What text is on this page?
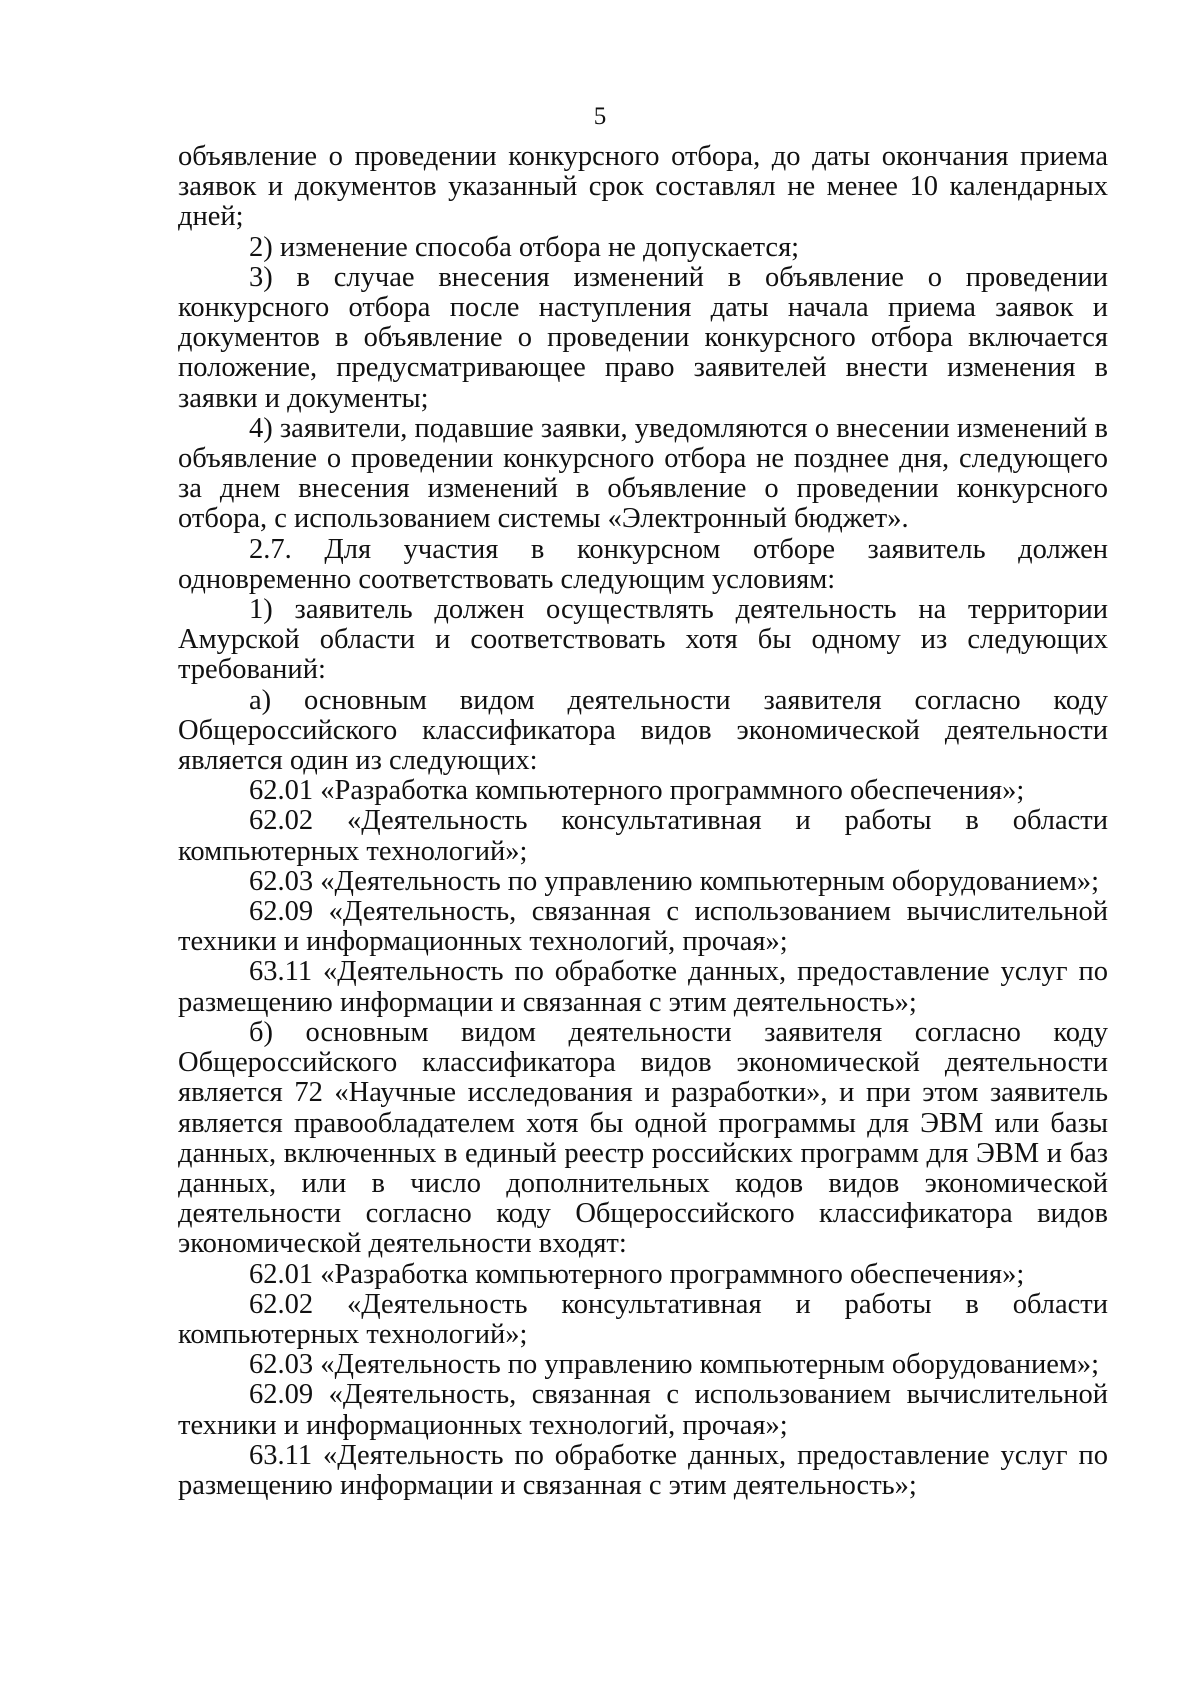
5

объявление о проведении конкурсного отбора, до даты окончания приема заявок и документов указанный срок составлял не менее 10 календарных дней;

2) изменение способа отбора не допускается;

3) в случае внесения изменений в объявление о проведении конкурсного отбора после наступления даты начала приема заявок и документов в объявление о проведении конкурсного отбора включается положение, предусматривающее право заявителей внести изменения в заявки и документы;

4) заявители, подавшие заявки, уведомляются о внесении изменений в объявление о проведении конкурсного отбора не позднее дня, следующего за днем внесения изменений в объявление о проведении конкурсного отбора, с использованием системы «Электронный бюджет».

2.7. Для участия в конкурсном отборе заявитель должен одновременно соответствовать следующим условиям:

1) заявитель должен осуществлять деятельность на территории Амурской области и соответствовать хотя бы одному из следующих требований:

а) основным видом деятельности заявителя согласно коду Общероссийского классификатора видов экономической деятельности является один из следующих:

62.01 «Разработка компьютерного программного обеспечения»;

62.02 «Деятельность консультативная и работы в области компьютерных технологий»;

62.03 «Деятельность по управлению компьютерным оборудованием»;

62.09 «Деятельность, связанная с использованием вычислительной техники и информационных технологий, прочая»;

63.11 «Деятельность по обработке данных, предоставление услуг по размещению информации и связанная с этим деятельность»;

б) основным видом деятельности заявителя согласно коду Общероссийского классификатора видов экономической деятельности является 72 «Научные исследования и разработки», и при этом заявитель является правообладателем хотя бы одной программы для ЭВМ или базы данных, включенных в единый реестр российских программ для ЭВМ и баз данных, или в число дополнительных кодов видов экономической деятельности согласно коду Общероссийского классификатора видов экономической деятельности входят:

62.01 «Разработка компьютерного программного обеспечения»;

62.02 «Деятельность консультативная и работы в области компьютерных технологий»;

62.03 «Деятельность по управлению компьютерным оборудованием»;

62.09 «Деятельность, связанная с использованием вычислительной техники и информационных технологий, прочая»;

63.11 «Деятельность по обработке данных, предоставление услуг по размещению информации и связанная с этим деятельность»;
